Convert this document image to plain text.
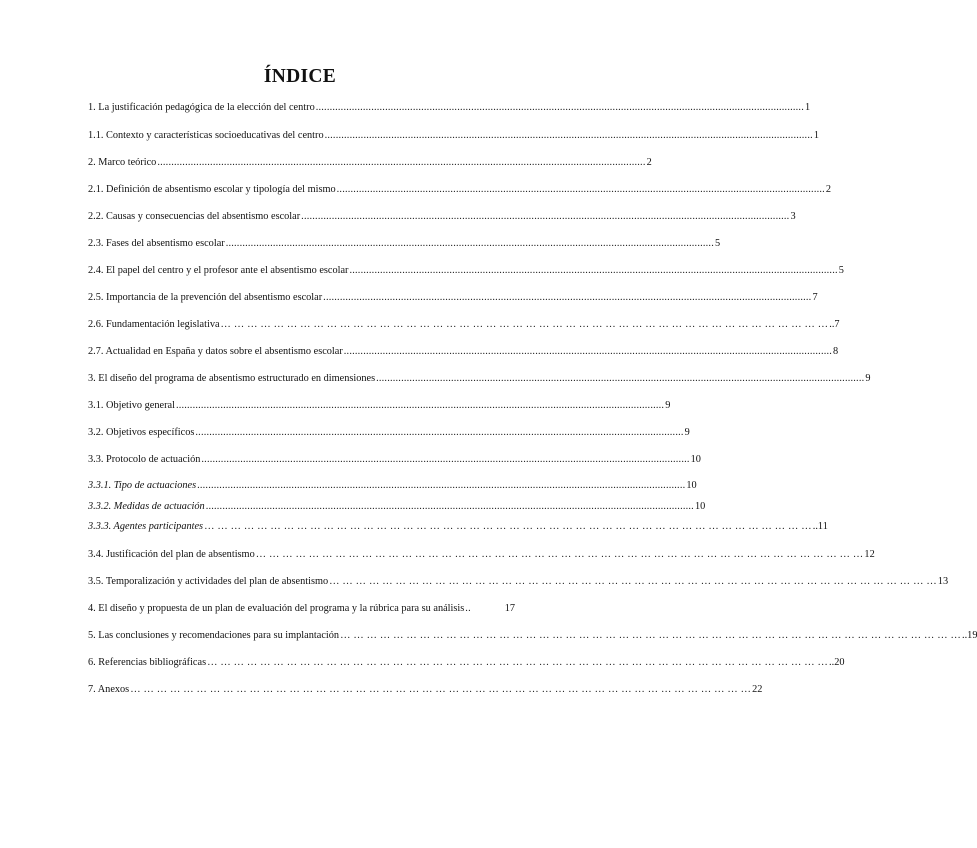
ÍNDICE
1. La justificación pedagógica de la elección del centro ................................................................................................................................................................................ 1
1.1. Contexto y características socioeducativas del centro ................................................................................................................................................................................ 1
2. Marco teórico ................................................................................................................................................................................ 2
2.1. Definición de absentismo escolar y tipología del mismo ................................................................................................................................................................................ 2
2.2. Causas y consecuencias del absentismo escolar ................................................................................................................................................................................ 3
2.3. Fases del absentismo escolar ................................................................................................................................................................................ 5
2.4. El papel del centro y el profesor ante el absentismo escolar ................................................................................................................................................................................ 5
2.5. Importancia de la prevención del absentismo escolar ................................................................................................................................................................................ 7
2.6. Fundamentación legislativa … … … … … … … … … … … … … … … … … … … … … … … … … … … … … … … … … … … … … … … … … … … … … … ..7
2.7. Actualidad en España y datos sobre el absentismo escolar ................................................................................................................................................................................ 8
3. El diseño del programa de absentismo estructurado en dimensiones ................................................................................................................................................................................ 9
3.1. Objetivo general ................................................................................................................................................................................ 9
3.2. Objetivos específicos ................................................................................................................................................................................ 9
3.3. Protocolo de actuación ................................................................................................................................................................................ 10
3.3.1. Tipo de actuaciones ................................................................................................................................................................................ 10
3.3.2. Medidas de actuación ................................................................................................................................................................................ 10
3.3.3. Agentes participantes … … … … … … … … … … … … … … … … … … … … … … … … … … … … … … … … … … … … … … … … … … … … … … ..11
3.4. Justificación del plan de absentismo … … … … … … … … … … … … … … … … … … … … … … … … … … … … … … … … … … … … … … … … … … … … … … 12
3.5. Temporalización y actividades del plan de absentismo … … … … … … … … … … … … … … … … … … … … … … … … … … … … … … … … … … … … … … … … … … … … … … 13
4. El diseño y propuesta de un plan de evaluación del programa y la rúbrica para su análisis ..	17
5. Las conclusiones y recomendaciones para su implantación … … … … … … … … … … … … … … … … … … … … … … … … … … … … … … … … … … … … … … … … … … … … … … … ..19
6. Referencias bibliográficas … … … … … … … … … … … … … … … … … … … … … … … … … … … … … … … … … … … … … … … … … … … … … … … ..20
7. Anexos … … … … … … … … … … … … … … … … … … … … … … … … … … … … … … … … … … … … … … … … … … … … … … … 22
